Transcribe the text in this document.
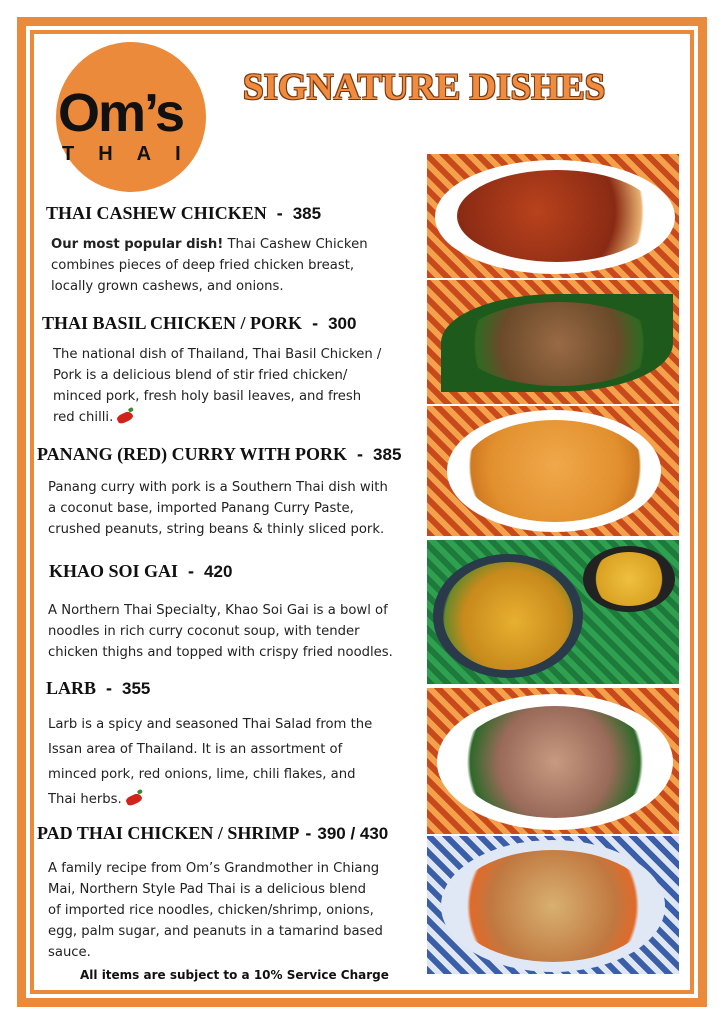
Om’s
THAI
SIGNATURE DISHES
THAI CASHEW CHICKEN - 385
Our most popular dish! Thai Cashew Chicken
combines pieces of deep fried chicken breast,
locally grown cashews, and onions.
THAI BASIL CHICKEN / PORK - 300
The national dish of Thailand, Thai Basil Chicken /
Pork is a delicious blend of stir fried chicken/
minced pork, fresh holy basil leaves, and fresh
red chilli.
PANANG (RED) CURRY WITH PORK - 385
Panang curry with pork is a Southern Thai dish with
a coconut base, imported Panang Curry Paste,
crushed peanuts, string beans & thinly sliced pork.
KHAO SOI GAI - 420
A Northern Thai Specialty, Khao Soi Gai is a bowl of
noodles in rich curry coconut soup, with tender
chicken thighs and topped with crispy fried noodles.
LARB - 355
Larb is a spicy and seasoned Thai Salad from the
Issan area of Thailand. It is an assortment of
minced pork, red onions, lime, chili flakes, and
Thai herbs.
PAD THAI CHICKEN / SHRIMP - 390 / 430
A family recipe from Om’s Grandmother in Chiang
Mai, Northern Style Pad Thai is a delicious blend
of imported rice noodles, chicken/shrimp, onions,
egg, palm sugar, and peanuts in a tamarind based
sauce.
All items are subject to a 10% Service Charge
